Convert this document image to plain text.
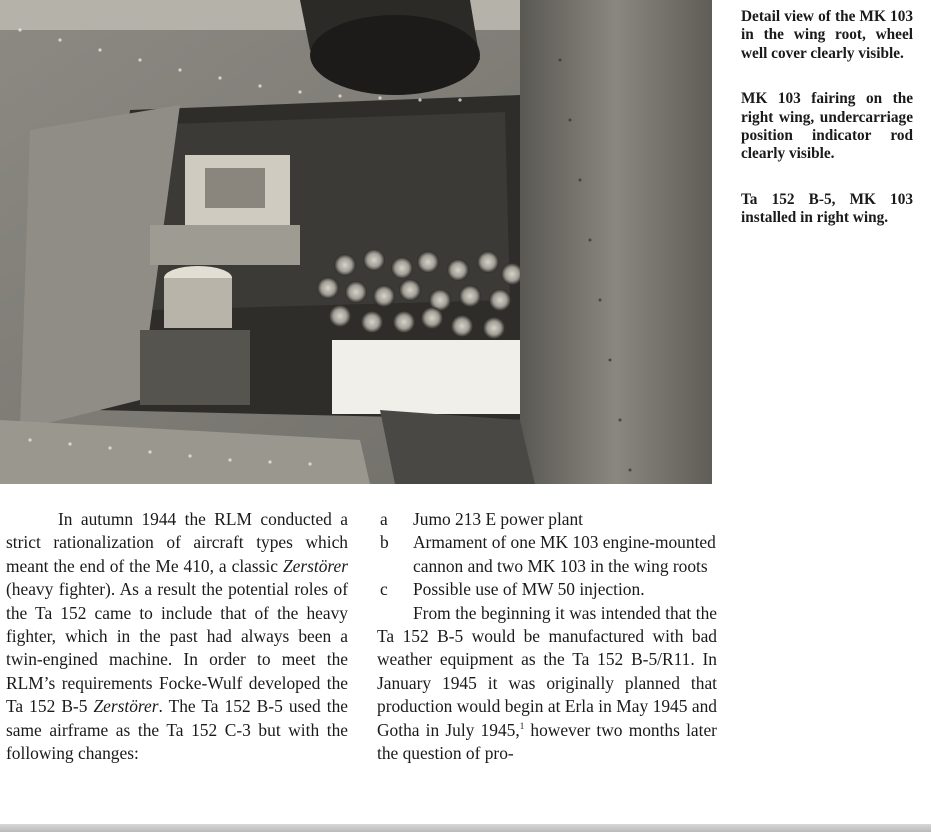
Detail view of the MK 103 in the wing root, wheel well cover clearly visible.

MK 103 fairing on the right wing, undercarriage position indicator rod clearly visible.

Ta 152 B-5, MK 103 installed in right wing.

In autumn 1944 the RLM conducted a strict rationalization of aircraft types which meant the end of the Me 410, a classic Zerstörer (heavy fighter). As a result the potential roles of the Ta 152 came to include that of the heavy fighter, which in the past had always been a twin-engined machine. In order to meet the RLM’s requirements Focke-Wulf developed the Ta 152 B-5 Zerstörer. The Ta 152 B-5 used the same airframe as the Ta 152 C-3 but with the following changes:

a Jumo 213 E power plant
b Armament of one MK 103 engine-mounted cannon and two MK 103 in the wing roots
c Possible use of MW 50 injection.

From the beginning it was intended that the Ta 152 B-5 would be manufactured with bad weather equipment as the Ta 152 B-5/R11. In January 1945 it was originally planned that production would begin at Erla in May 1945 and Gotha in July 1945,$^1$ however two months later the question of pro-
